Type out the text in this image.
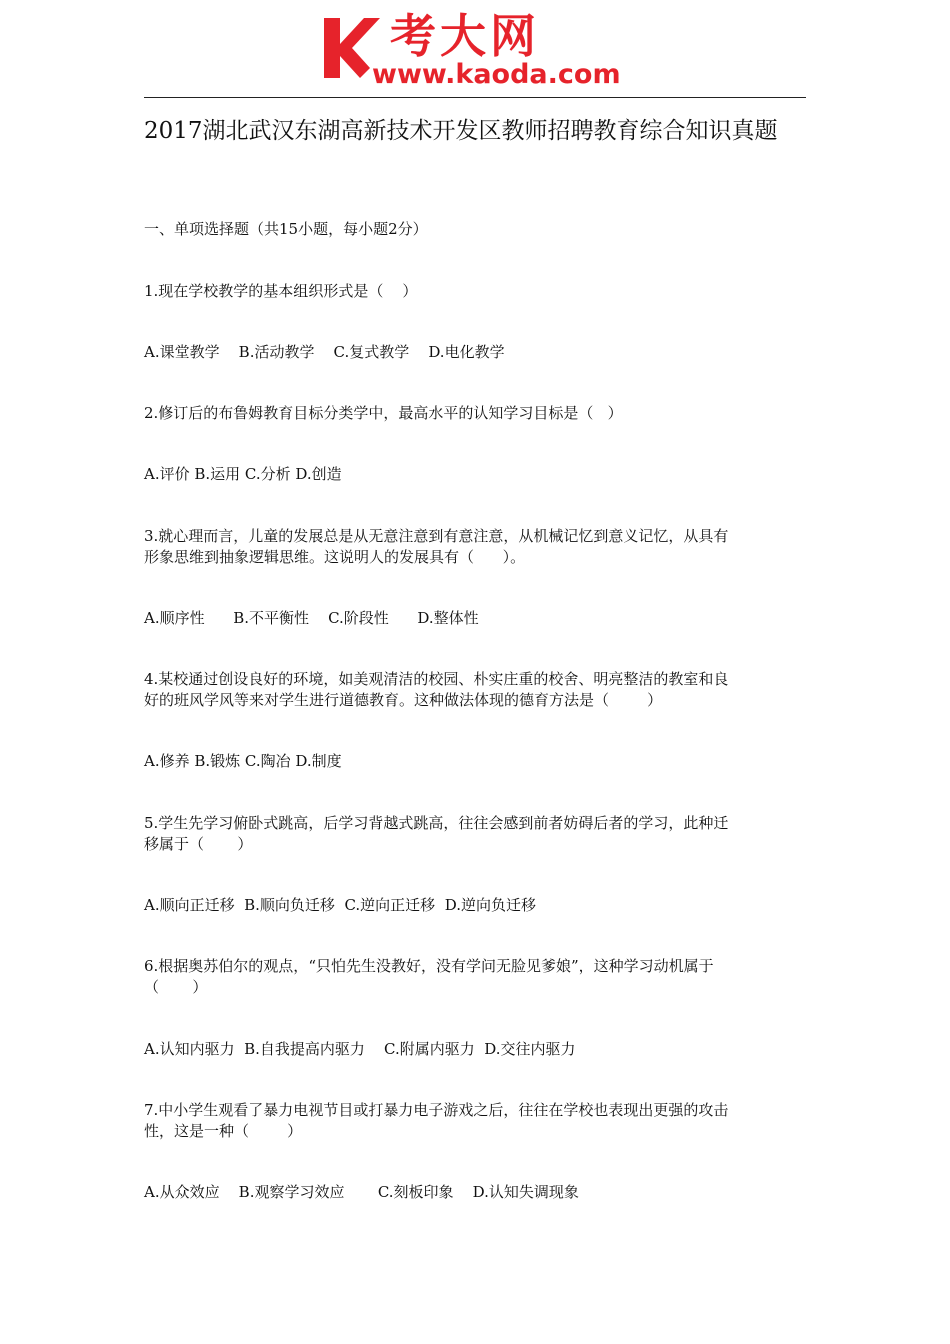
考大网
www.kaoda.com
2017湖北武汉东湖高新技术开发区教师招聘教育综合知识真题

一、单项选择题（共15小题，每小题2分）

1.现在学校教学的基本组织形式是（    ）

A.课堂教学    B.活动教学    C.复式教学    D.电化教学

2.修订后的布鲁姆教育目标分类学中，最高水平的认知学习目标是（   ）

A.评价 B.运用 C.分析 D.创造

3.就心理而言，儿童的发展总是从无意注意到有意注意，从机械记忆到意义记忆，从具有

形象思维到抽象逻辑思维。这说明人的发展具有（      ）。

A.顺序性      B.不平衡性    C.阶段性      D.整体性

4.某校通过创设良好的环境，如美观清洁的校园、朴实庄重的校舍、明亮整洁的教室和良

好的班风学风等来对学生进行道德教育。这种做法体现的德育方法是（        ）

A.修养 B.锻炼 C.陶冶 D.制度

5.学生先学习俯卧式跳高，后学习背越式跳高，往往会感到前者妨碍后者的学习，此种迁

移属于（       ）

A.顺向正迁移  B.顺向负迁移  C.逆向正迁移  D.逆向负迁移

6.根据奥苏伯尔的观点，“只怕先生没教好，没有学问无脸见爹娘”，这种学习动机属于

（       ）

A.认知内驱力  B.自我提高内驱力    C.附属内驱力  D.交往内驱力

7.中小学生观看了暴力电视节目或打暴力电子游戏之后，往往在学校也表现出更强的攻击

性，这是一种（        ）

A.从众效应    B.观察学习效应       C.刻板印象    D.认知失调现象
